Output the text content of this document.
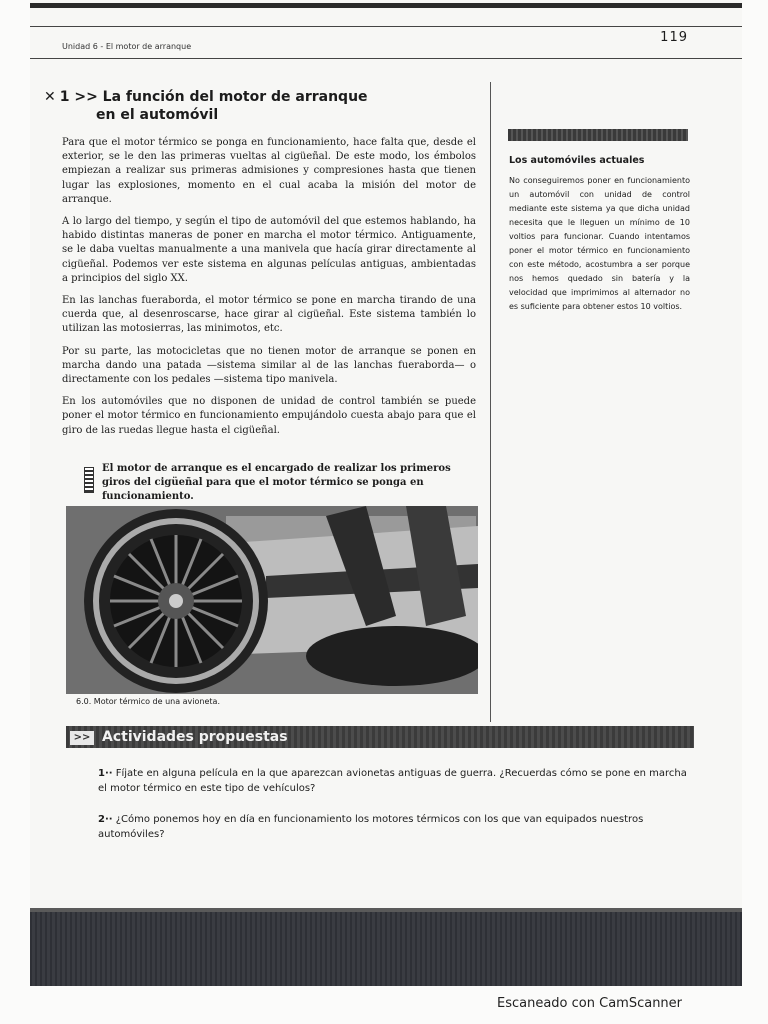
119
Unidad 6 - El motor de arranque
✕ 1 >> La función del motor de arranque
en el automóvil

Para que el motor térmico se ponga en funcionamiento, hace falta que, desde el exterior, se le den las primeras vueltas al cigüeñal. De este modo, los émbolos empiezan a realizar sus primeras admisiones y compresiones hasta que tienen lugar las explosiones, momento en el cual acaba la misión del motor de arranque.

A lo largo del tiempo, y según el tipo de automóvil del que estemos hablando, ha habido distintas maneras de poner en marcha el motor térmico. Antiguamente, se le daba vueltas manualmente a una manivela que hacía girar directamente al cigüeñal. Podemos ver este sistema en algunas películas antiguas, ambientadas a principios del siglo XX.

En las lanchas fueraborda, el motor térmico se pone en marcha tirando de una cuerda que, al desenroscarse, hace girar al cigüeñal. Este sistema también lo utilizan las motosierras, las minimotos, etc.

Por su parte, las motocicletas que no tienen motor de arranque se ponen en marcha dando una patada —sistema similar al de las lanchas fueraborda— o directamente con los pedales —sistema tipo manivela.

En los automóviles que no disponen de unidad de control también se puede poner el motor térmico en funcionamiento empujándolo cuesta abajo para que el giro de las ruedas llegue hasta el cigüeñal.

El motor de arranque es el encargado de realizar los primeros giros del cigüeñal para que el motor térmico se ponga en funcionamiento.
6.0. Motor térmico de una avioneta.
Los automóviles actuales
No conseguiremos poner en funcionamiento un automóvil con unidad de control mediante este sistema ya que dicha unidad necesita que le lleguen un mínimo de 10 voltios para funcionar. Cuando intentamos poner el motor térmico en funcionamiento con este método, acostumbra a ser porque nos hemos quedado sin batería y la velocidad que imprimimos al alternador no es suficiente para obtener estos 10 voltios.
>> Actividades propuestas
1·· Fíjate en alguna película en la que aparezcan avionetas antiguas de guerra. ¿Recuerdas cómo se pone en marcha el motor térmico en este tipo de vehículos?
2·· ¿Cómo ponemos hoy en día en funcionamiento los motores térmicos con los que van equipados nuestros automóviles?
Escaneado con CamScanner
